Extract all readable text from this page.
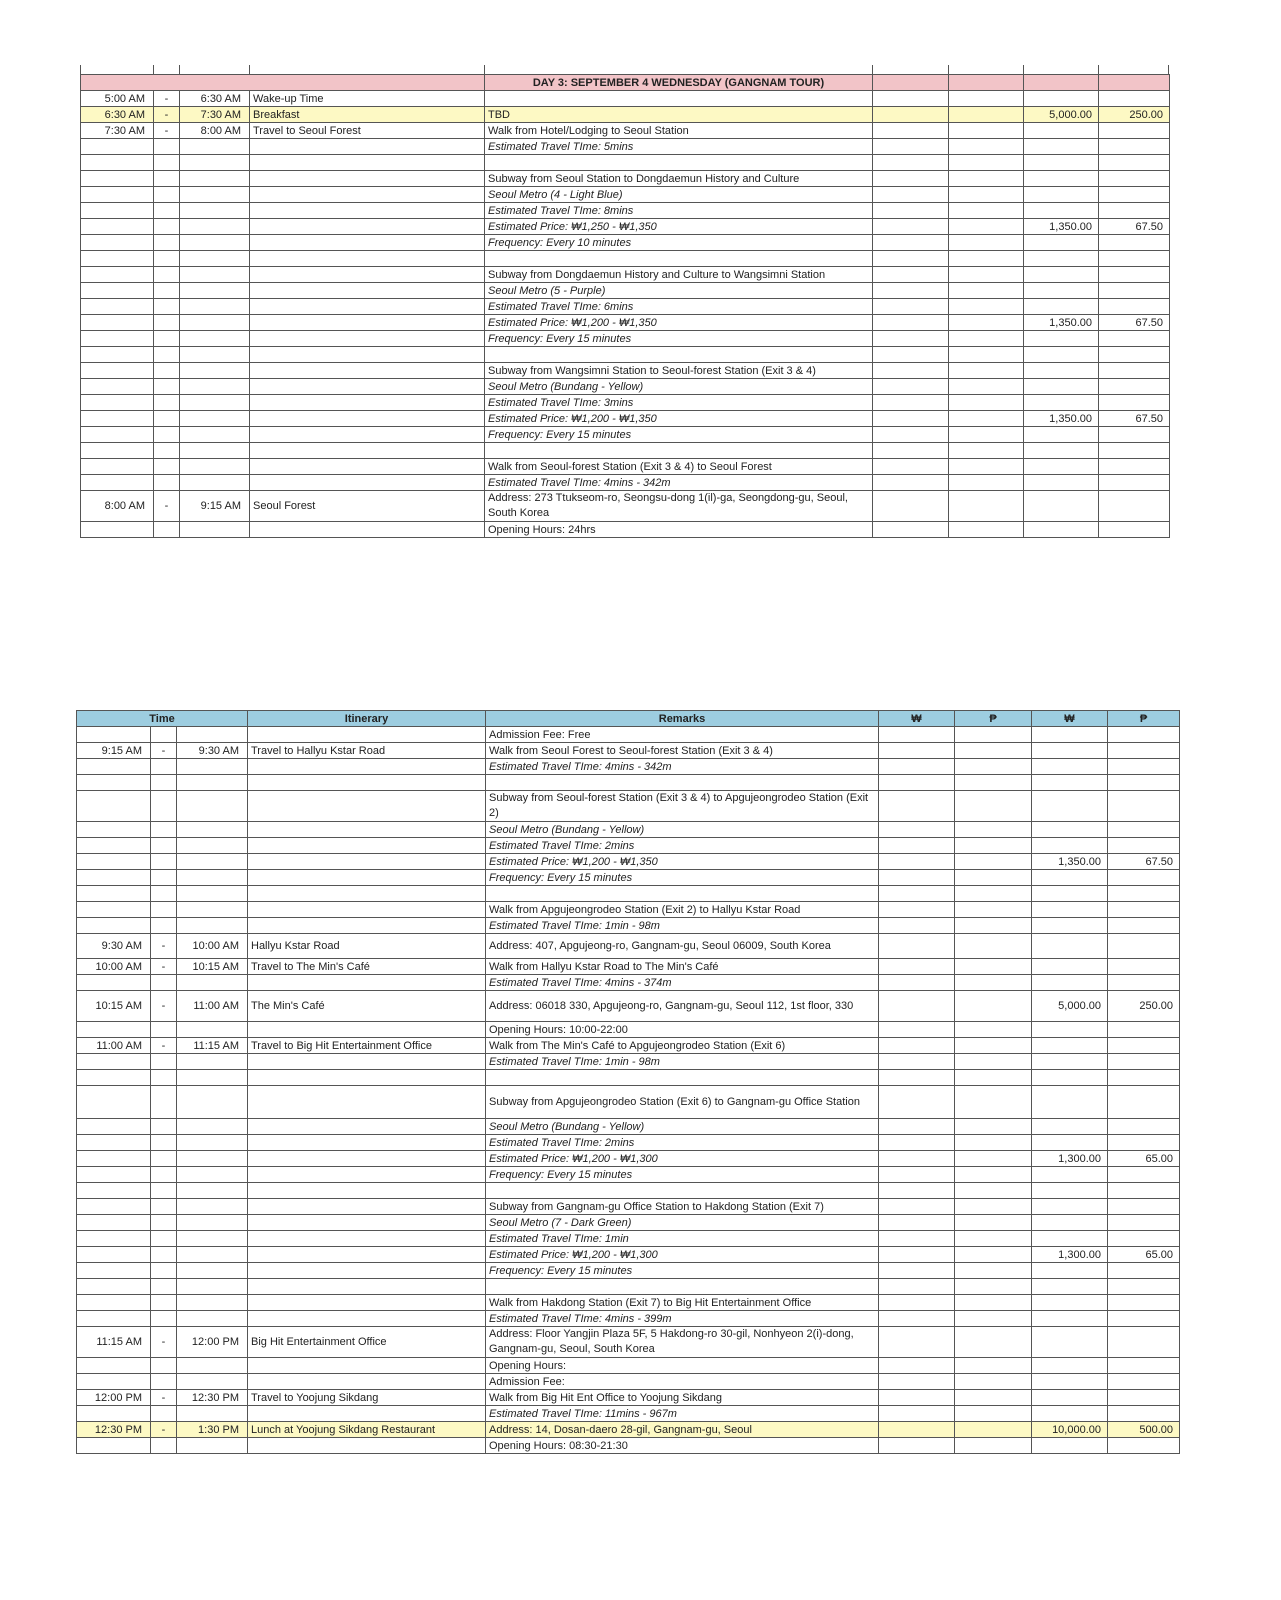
				DAY 3: SEPTEMBER 4 WEDNESDAY (GANGNAM TOUR)				
5:00 AM	-	6:30 AM	Wake-up Time					
6:30 AM	-	7:30 AM	Breakfast	TBD			5,000.00	250.00
7:30 AM	-	8:00 AM	Travel to Seoul Forest	Walk from Hotel/Lodging to Seoul Station				
				Estimated Travel TIme: 5mins				

				Subway from Seoul Station to Dongdaemun History and Culture				
				Seoul Metro (4 - Light Blue)				
				Estimated Travel TIme: 8mins				
				Estimated Price: ₩1,250 - ₩1,350			1,350.00	67.50
				Frequency: Every 10 minutes				

				Subway from Dongdaemun History and Culture to Wangsimni Station				
				Seoul Metro (5 - Purple)				
				Estimated Travel TIme: 6mins				
				Estimated Price: ₩1,200 - ₩1,350			1,350.00	67.50
				Frequency: Every 15 minutes				

				Subway from Wangsimni Station to Seoul-forest Station (Exit 3 & 4)				
				Seoul Metro (Bundang - Yellow)				
				Estimated Travel TIme: 3mins				
				Estimated Price: ₩1,200 - ₩1,350			1,350.00	67.50
				Frequency: Every 15 minutes				

				Walk from Seoul-forest Station (Exit 3 & 4) to Seoul Forest				
				Estimated Travel TIme: 4mins - 342m				
8:00 AM	-	9:15 AM	Seoul Forest	Address: 273 Ttukseom-ro, Seongsu-dong 1(il)-ga, Seongdong-gu, Seoul, South Korea				
				Opening Hours: 24hrs				
Time			Itinerary	Remarks	₩	₱	₩	₱
				Admission Fee: Free				
9:15 AM	-	9:30 AM	Travel to Hallyu Kstar Road	Walk from Seoul Forest to Seoul-forest Station (Exit 3 & 4)				
				Estimated Travel TIme: 4mins - 342m				

				Subway from Seoul-forest Station (Exit 3 & 4) to Apgujeongrodeo Station (Exit 2)				
				Seoul Metro (Bundang - Yellow)				
				Estimated Travel TIme: 2mins				
				Estimated Price: ₩1,200 - ₩1,350			1,350.00	67.50
				Frequency: Every 15 minutes				

				Walk from Apgujeongrodeo Station (Exit 2) to Hallyu Kstar Road				
				Estimated Travel TIme: 1min - 98m				
9:30 AM	-	10:00 AM	Hallyu Kstar Road	Address: 407, Apgujeong-ro, Gangnam-gu, Seoul 06009, South Korea				
10:00 AM	-	10:15 AM	Travel to The Min's Café	Walk from Hallyu Kstar Road to The Min's Café				
				Estimated Travel TIme: 4mins - 374m				
10:15 AM	-	11:00 AM	The Min's Café	Address: 06018 330, Apgujeong-ro, Gangnam-gu, Seoul 112, 1st floor, 330			5,000.00	250.00
				Opening Hours: 10:00-22:00				
11:00 AM	-	11:15 AM	Travel to Big Hit Entertainment Office	Walk from The Min's Café to Apgujeongrodeo Station (Exit 6)				
				Estimated Travel TIme: 1min - 98m				

				Subway from Apgujeongrodeo Station (Exit 6) to Gangnam-gu Office Station				
				Seoul Metro (Bundang - Yellow)				
				Estimated Travel TIme: 2mins				
				Estimated Price: ₩1,200 - ₩1,300			1,300.00	65.00
				Frequency: Every 15 minutes				

				Subway from Gangnam-gu Office Station to Hakdong Station (Exit 7)				
				Seoul Metro (7 - Dark Green)				
				Estimated Travel TIme: 1min				
				Estimated Price: ₩1,200 - ₩1,300			1,300.00	65.00
				Frequency: Every 15 minutes				

				Walk from Hakdong Station (Exit 7) to Big Hit Entertainment Office				
				Estimated Travel TIme: 4mins - 399m				
11:15 AM	-	12:00 PM	Big Hit Entertainment Office	Address: Floor Yangjin Plaza 5F, 5 Hakdong-ro 30-gil, Nonhyeon 2(i)-dong, Gangnam-gu, Seoul, South Korea				
				Opening Hours:				
				Admission Fee:				
12:00 PM	-	12:30 PM	Travel to Yoojung Sikdang	Walk from Big Hit Ent Office to Yoojung Sikdang				
				Estimated Travel TIme: 11mins - 967m				
12:30 PM	-	1:30 PM	Lunch at Yoojung Sikdang Restaurant	Address: 14, Dosan-daero 28-gil, Gangnam-gu, Seoul			10,000.00	500.00
				Opening Hours: 08:30-21:30				
